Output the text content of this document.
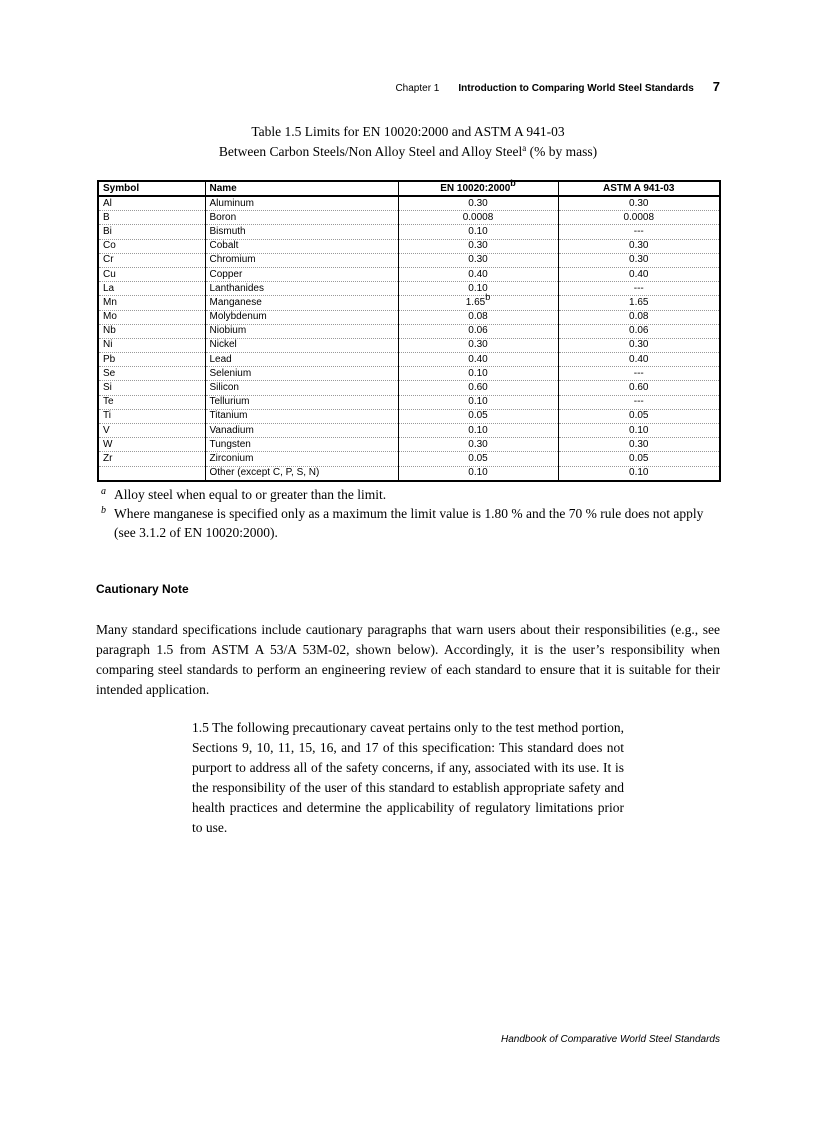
Chapter 1 Introduction to Comparing World Steel Standards 7
Table 1.5 Limits for EN 10020:2000 and ASTM A 941-03
Between Carbon Steels/Non Alloy Steel and Alloy Steel$^a$ (% by mass)
Symbol	Name	EN 10020:2000$^b$	ASTM A 941-03
Al	Aluminum	0.30	0.30
B	Boron	0.0008	0.0008
Bi	Bismuth	0.10	---
Co	Cobalt	0.30	0.30
Cr	Chromium	0.30	0.30
Cu	Copper	0.40	0.40
La	Lanthanides	0.10	---
Mn	Manganese	1.65$^b$	1.65
Mo	Molybdenum	0.08	0.08
Nb	Niobium	0.06	0.06
Ni	Nickel	0.30	0.30
Pb	Lead	0.40	0.40
Se	Selenium	0.10	---
Si	Silicon	0.60	0.60
Te	Tellurium	0.10	---
Ti	Titanium	0.05	0.05
V	Vanadium	0.10	0.10
W	Tungsten	0.30	0.30
Zr	Zirconium	0.05	0.05
	Other (except C, P, S, N)	0.10	0.10
a Alloy steel when equal to or greater than the limit.
b Where manganese is specified only as a maximum the limit value is 1.80 % and the 70 % rule does not apply (see 3.1.2 of EN 10020:2000).
Cautionary Note

Many standard specifications include cautionary paragraphs that warn users about their responsibilities (e.g., see paragraph 1.5 from ASTM A 53/A 53M-02, shown below). Accordingly, it is the user’s responsibility when comparing steel standards to perform an engineering review of each standard to ensure that it is suitable for their intended application.

1.5 The following precautionary caveat pertains only to the test method portion, Sections 9, 10, 11, 15, 16, and 17 of this specification: This standard does not purport to address all of the safety concerns, if any, associated with its use. It is the responsibility of the user of this standard to establish appropriate safety and health practices and determine the applicability of regulatory limitations prior to use.

Handbook of Comparative World Steel Standards
